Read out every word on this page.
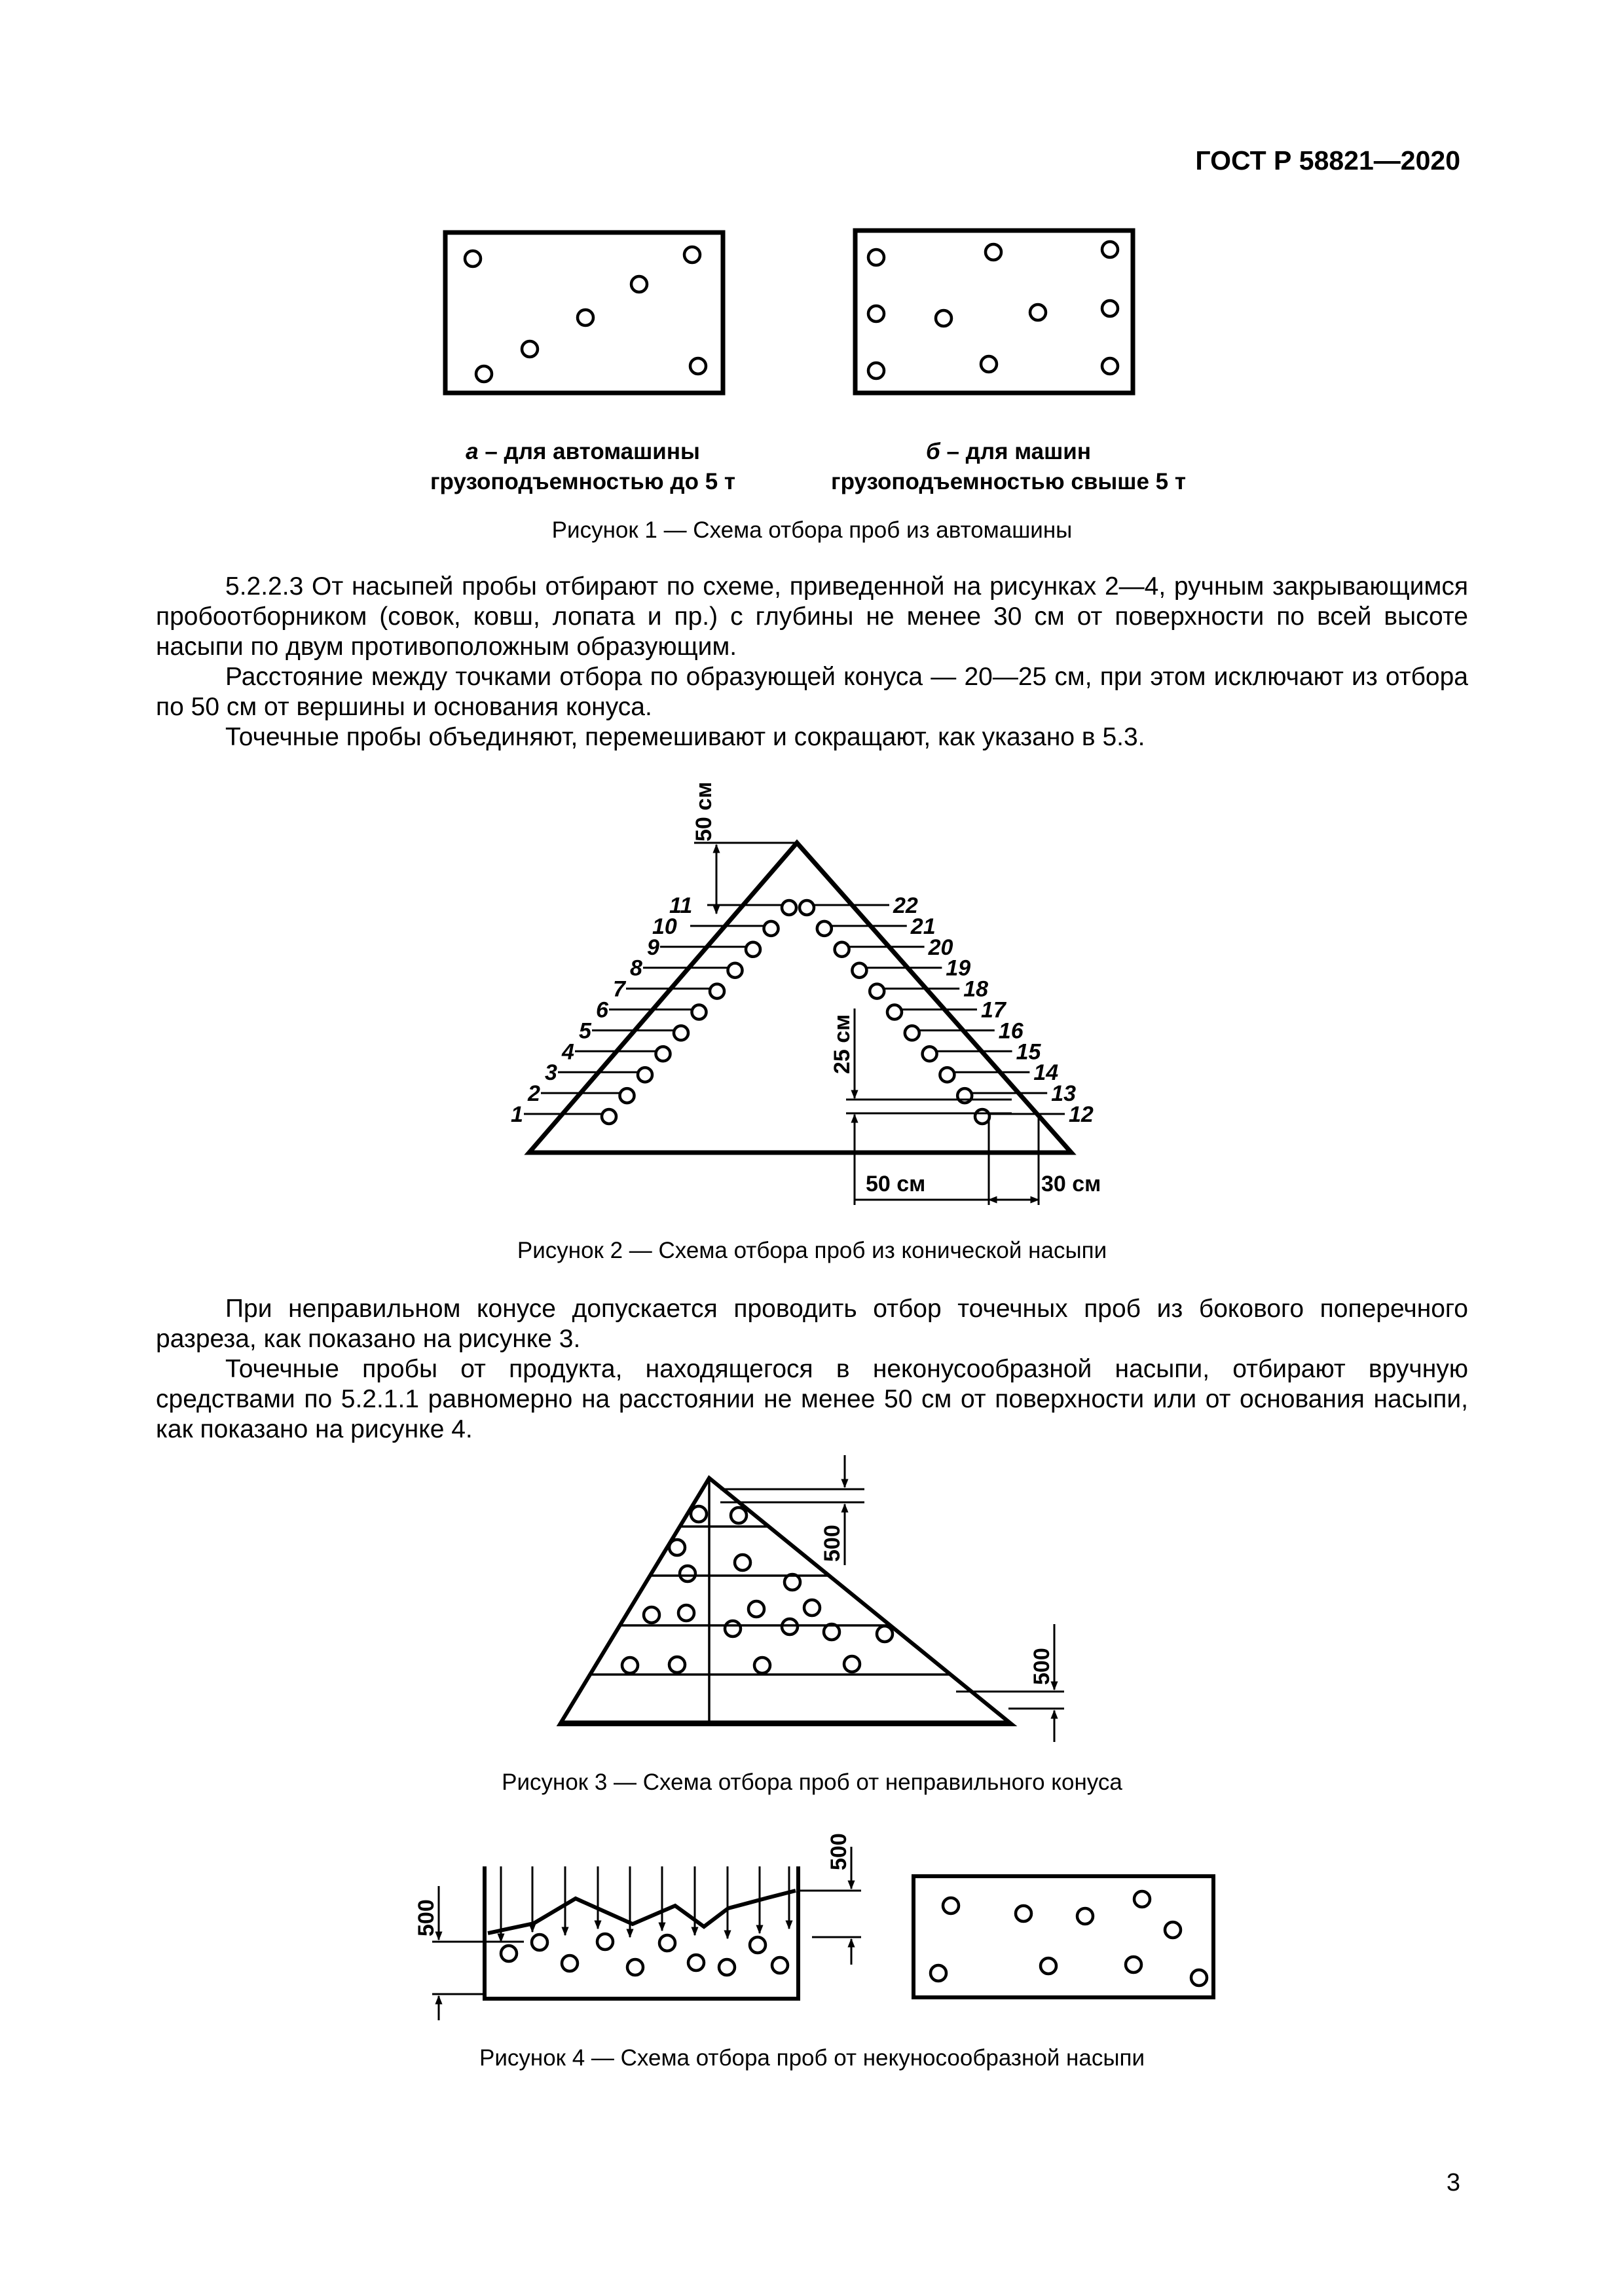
ГОСТ Р 58821—2020
а – для автомашины
грузоподъемностью до 5 т
б – для машин
грузоподъемностью свыше 5 т
Рисунок 1 — Схема отбора проб из автомашины

5.2.2.3 От насыпей пробы отбирают по схеме, приведенной на рисунках 2—4, ручным закрывающимся пробоотборником (совок, ковш, лопата и пр.) с глубины не менее 30 см от поверхности по всей высоте насыпи по двум противоположным образующим.

Расстояние между точками отбора по образующей конуса — 20—25 см, при этом исключают из отбора по 50 см от вершины и основания конуса.

Точечные пробы объединяют, перемешивают и сокращают, как указано в 5.3.

50 см
25 см
50 см	30 см
1	12
2	13
3	14
4	15
5	16
6	17
7	18
8	19
9	20
10	21
11	22
Рисунок 2 — Схема отбора проб из конической насыпи

При неправильном конусе допускается проводить отбор точечных проб из бокового поперечного разреза, как показано на рисунке 3.

Точечные пробы от продукта, находящегося в неконусообразной насыпи, отбирают вручную средствами по 5.2.1.1 равномерно на расстоянии не менее 50 см от поверхности или от основания насыпи, как показано на рисунке 4.

500
500
Рисунок 3 — Схема отбора проб от неправильного конуса
500
500
Рисунок 4 — Схема отбора проб от некуносообразной насыпи
3
